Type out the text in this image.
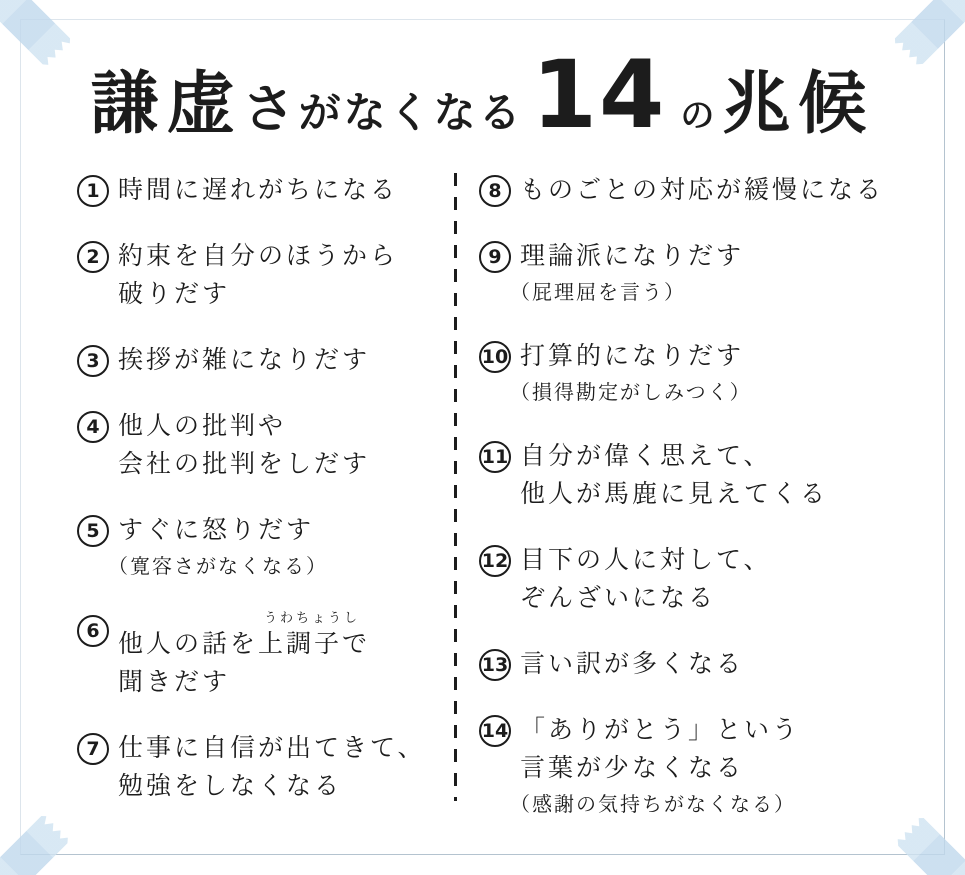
謙虚 さ がなくなる 14 の 兆候
1 時間に遅れがちになる
2 約束を自分のほうから
破りだす
3 挨拶が雑になりだす
4 他人の批判や
会社の批判をしだす
5 すぐに怒りだす
（寛容さがなくなる）
6
うわちょうし
他人の話を上調子で
聞きだす
7 仕事に自信が出てきて、
勉強をしなくなる
8 ものごとの対応が緩慢になる
9 理論派になりだす
（屁理屈を言う）
10 打算的になりだす
（損得勘定がしみつく）
11 自分が偉く思えて、
他人が馬鹿に見えてくる
12 目下の人に対して、
ぞんざいになる
13 言い訳が多くなる
14 「ありがとう」という
言葉が少なくなる
（感謝の気持ちがなくなる）
